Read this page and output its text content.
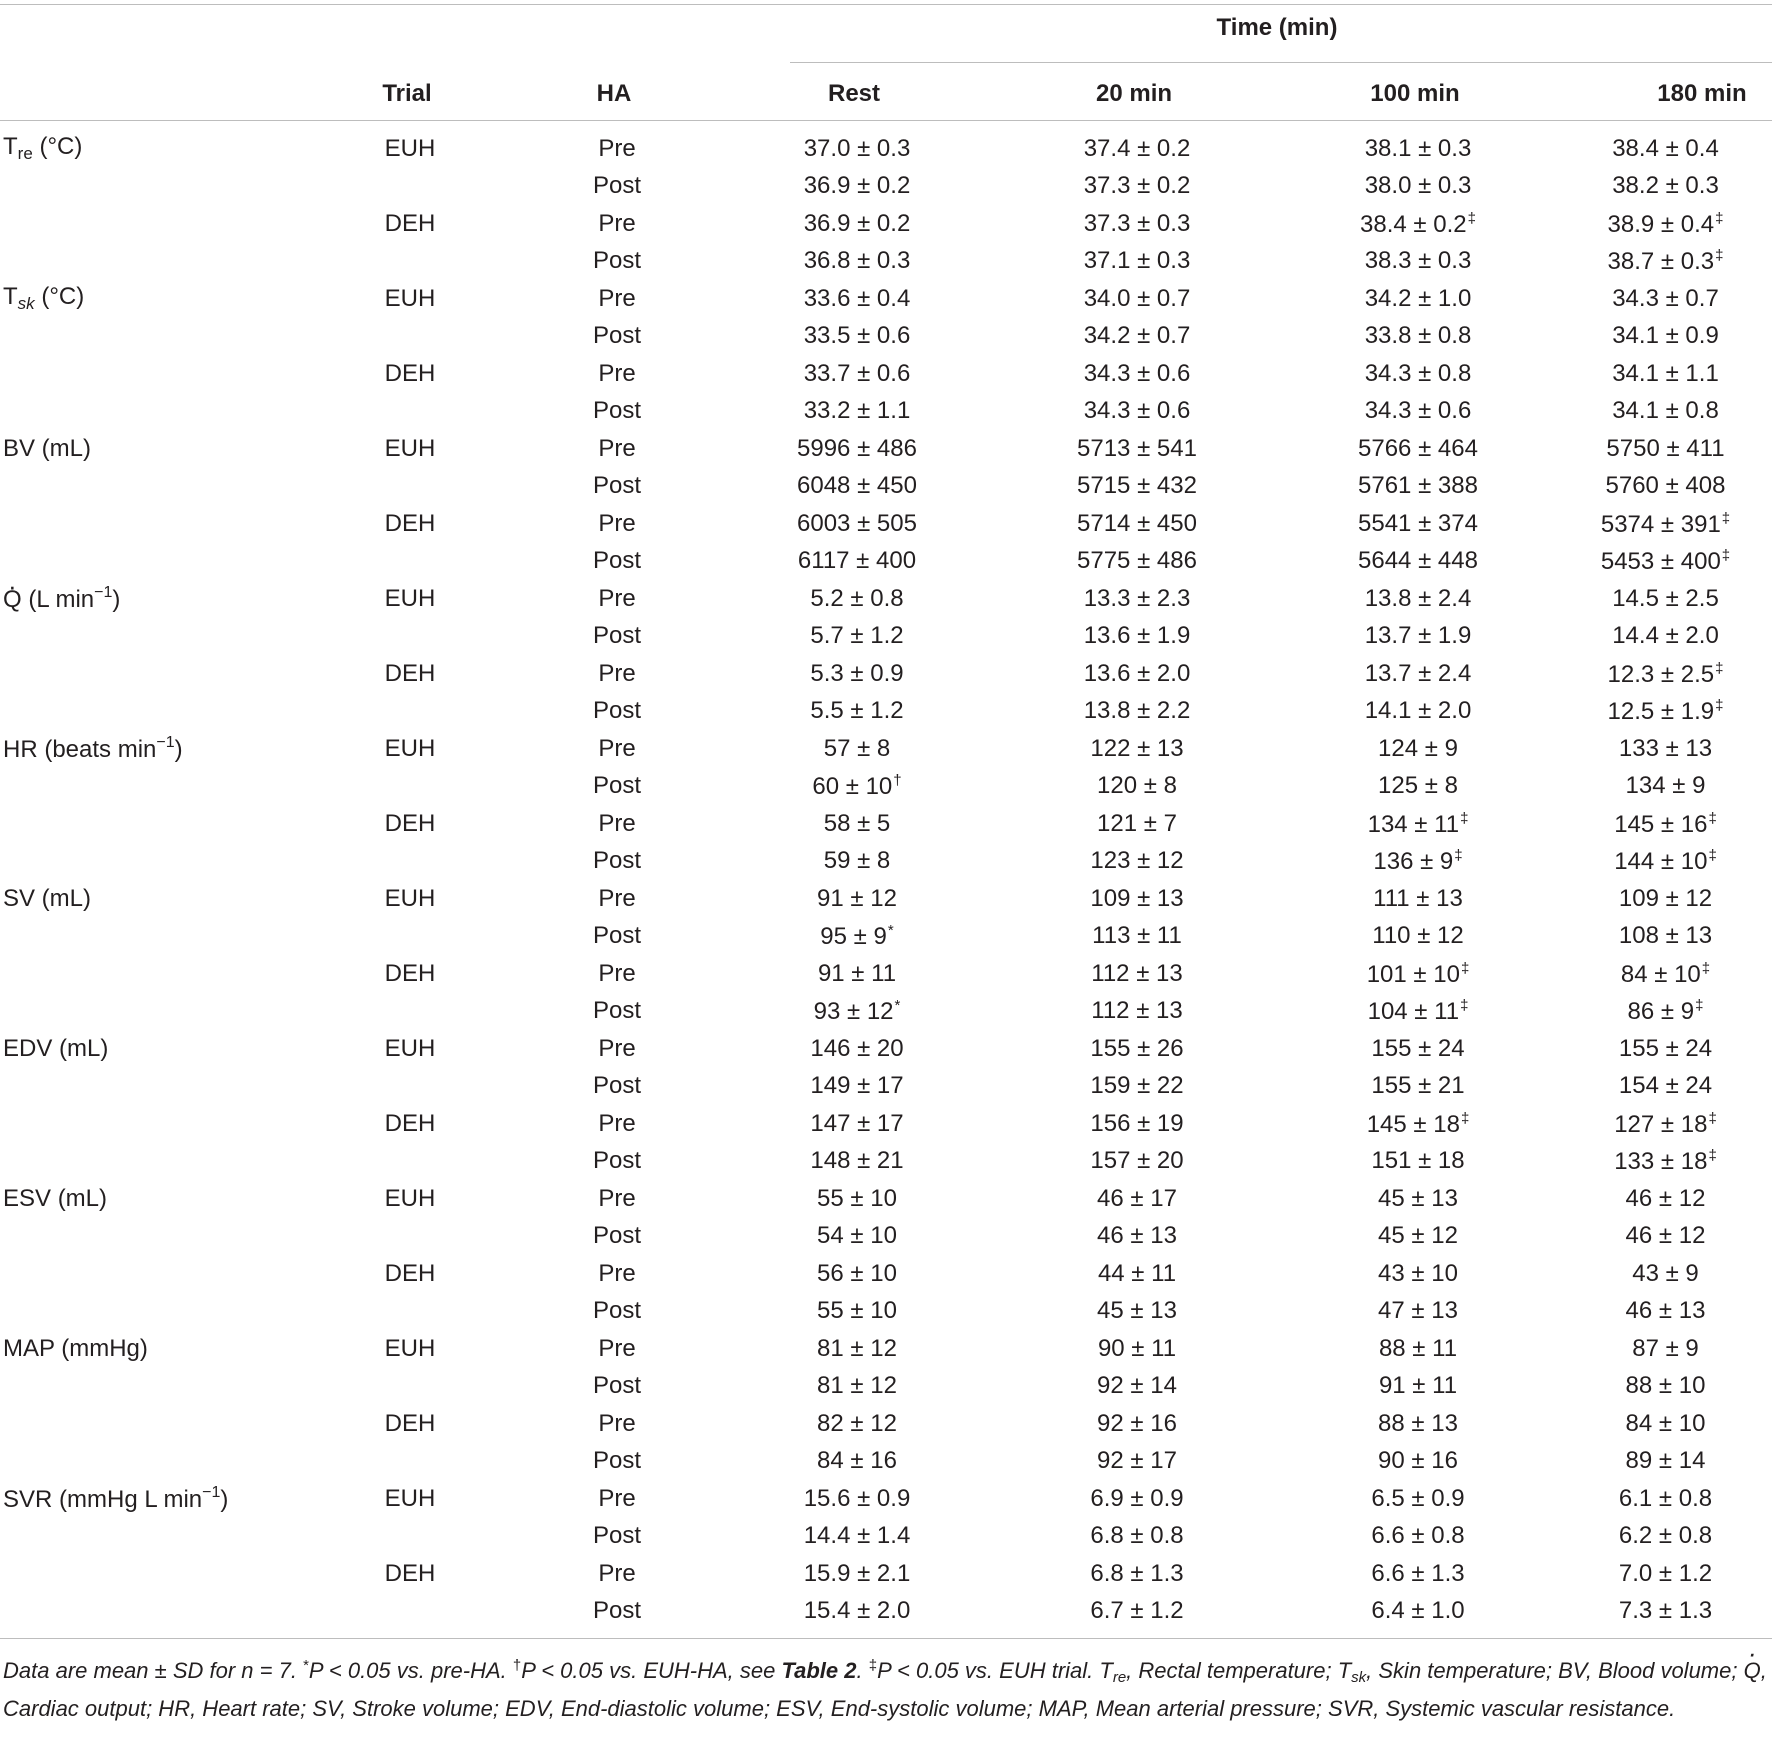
Time (min)
Trial	HA	Rest	20 min	100 min	180 min
$T_{re}$ (°C)	EUH	Pre	37.0 ± 0.3	37.4 ± 0.2	38.1 ± 0.3	38.4 ± 0.4
		Post	36.9 ± 0.2	37.3 ± 0.2	38.0 ± 0.3	38.2 ± 0.3
	DEH	Pre	36.9 ± 0.2	37.3 ± 0.3	38.4 ± 0.2‡	38.9 ± 0.4‡
		Post	36.8 ± 0.3	37.1 ± 0.3	38.3 ± 0.3	38.7 ± 0.3‡
$T_{sk}$ (°C)	EUH	Pre	33.6 ± 0.4	34.0 ± 0.7	34.2 ± 1.0	34.3 ± 0.7
		Post	33.5 ± 0.6	34.2 ± 0.7	33.8 ± 0.8	34.1 ± 0.9
	DEH	Pre	33.7 ± 0.6	34.3 ± 0.6	34.3 ± 0.8	34.1 ± 1.1
		Post	33.2 ± 1.1	34.3 ± 0.6	34.3 ± 0.6	34.1 ± 0.8
BV (mL)	EUH	Pre	5996 ± 486	5713 ± 541	5766 ± 464	5750 ± 411
		Post	6048 ± 450	5715 ± 432	5761 ± 388	5760 ± 408
	DEH	Pre	6003 ± 505	5714 ± 450	5541 ± 374	5374 ± 391‡
		Post	6117 ± 400	5775 ± 486	5644 ± 448	5453 ± 400‡
· Q (L $\min^{-1}$)	EUH	Pre	5.2 ± 0.8	13.3 ± 2.3	13.8 ± 2.4	14.5 ± 2.5
		Post	5.7 ± 1.2	13.6 ± 1.9	13.7 ± 1.9	14.4 ± 2.0
	DEH	Pre	5.3 ± 0.9	13.6 ± 2.0	13.7 ± 2.4	12.3 ± 2.5‡
		Post	5.5 ± 1.2	13.8 ± 2.2	14.1 ± 2.0	12.5 ± 1.9‡
HR (beats $\min^{-1}$)	EUH	Pre	57 ± 8	122 ± 13	124 ± 9	133 ± 13
		Post	60 ± 10†	120 ± 8	125 ± 8	134 ± 9
	DEH	Pre	58 ± 5	121 ± 7	134 ± 11‡	145 ± 16‡
		Post	59 ± 8	123 ± 12	136 ± 9‡	144 ± 10‡
SV (mL)	EUH	Pre	91 ± 12	109 ± 13	111 ± 13	109 ± 12
		Post	95 ± 9*	113 ± 11	110 ± 12	108 ± 13
	DEH	Pre	91 ± 11	112 ± 13	101 ± 10‡	84 ± 10‡
		Post	93 ± 12*	112 ± 13	104 ± 11‡	86 ± 9‡
EDV (mL)	EUH	Pre	146 ± 20	155 ± 26	155 ± 24	155 ± 24
		Post	149 ± 17	159 ± 22	155 ± 21	154 ± 24
	DEH	Pre	147 ± 17	156 ± 19	145 ± 18‡	127 ± 18‡
		Post	148 ± 21	157 ± 20	151 ± 18	133 ± 18‡
ESV (mL)	EUH	Pre	55 ± 10	46 ± 17	45 ± 13	46 ± 12
		Post	54 ± 10	46 ± 13	45 ± 12	46 ± 12
	DEH	Pre	56 ± 10	44 ± 11	43 ± 10	43 ± 9
		Post	55 ± 10	45 ± 13	47 ± 13	46 ± 13
MAP (mmHg)	EUH	Pre	81 ± 12	90 ± 11	88 ± 11	87 ± 9
		Post	81 ± 12	92 ± 14	91 ± 11	88 ± 10
	DEH	Pre	82 ± 12	92 ± 16	88 ± 13	84 ± 10
		Post	84 ± 16	92 ± 17	90 ± 16	89 ± 14
SVR (mmHg L $\min^{-1}$)	EUH	Pre	15.6 ± 0.9	6.9 ± 0.9	6.5 ± 0.9	6.1 ± 0.8
		Post	14.4 ± 1.4	6.8 ± 0.8	6.6 ± 0.8	6.2 ± 0.8
	DEH	Pre	15.9 ± 2.1	6.8 ± 1.3	6.6 ± 1.3	7.0 ± 1.2
		Post	15.4 ± 2.0	6.7 ± 1.2	6.4 ± 1.0	7.3 ± 1.3
Data are mean ± SD for n = 7. *P < 0.05 vs. pre-HA. †P < 0.05 vs. EUH-HA, see Table 2. ‡P < 0.05 vs. EUH trial. Tre, Rectal temperature; Tsk, Skin temperature; BV, Blood volume; · Q, Cardiac output; HR, Heart rate; SV, Stroke volume; EDV, End-diastolic volume; ESV, End-systolic volume; MAP, Mean arterial pressure; SVR, Systemic vascular resistance.
